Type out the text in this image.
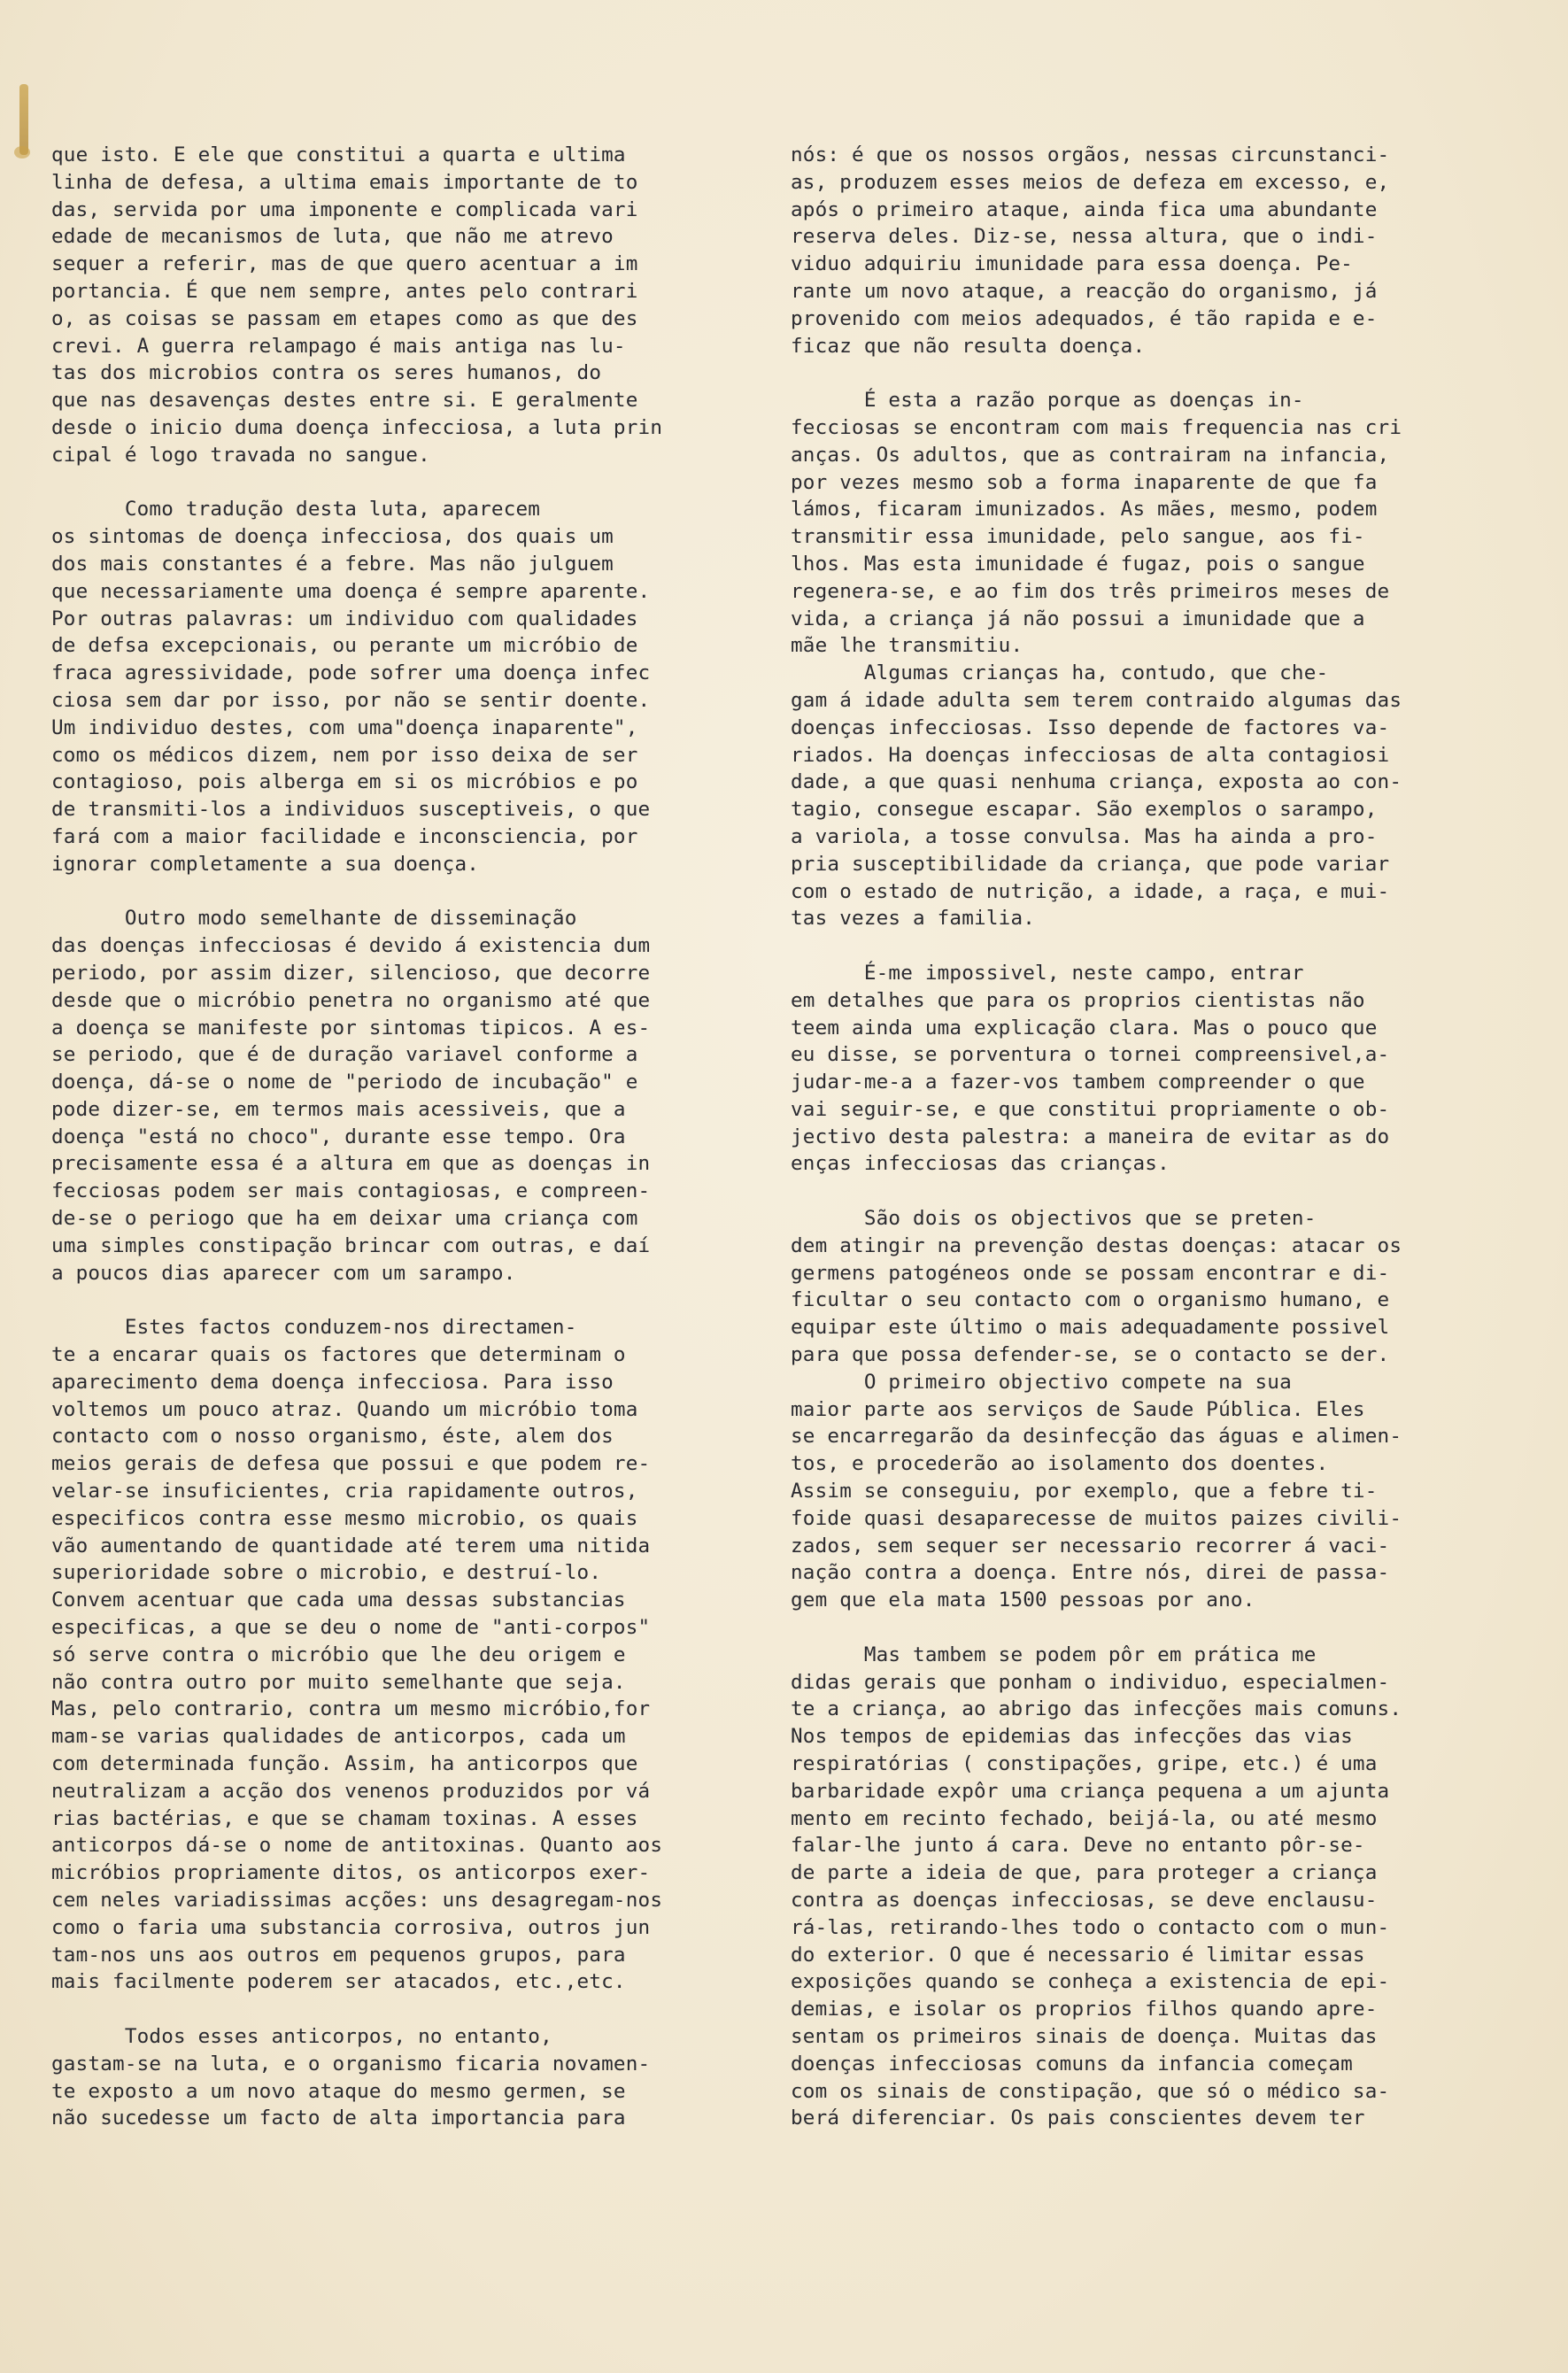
que isto. E ele que constitui a quarta e ultima
linha de defesa, a ultima emais importante de to
das, servida por uma imponente e complicada vari
edade de mecanismos de luta, que não me atrevo
sequer a referir, mas de que quero acentuar a im
portancia. É que nem sempre, antes pelo contrari
o, as coisas se passam em etapes como as que des
crevi. A guerra relampago é mais antiga nas lu-
tas dos microbios contra os seres humanos, do
que nas desavenças destes entre si. E geralmente
desde o inicio duma doença infecciosa, a luta prin
cipal é logo travada no sangue.
Como tradução desta luta, aparecem
os sintomas de doença infecciosa, dos quais um
dos mais constantes é a febre. Mas não julguem
que necessariamente uma doença é sempre aparente.
Por outras palavras: um individuo com qualidades
de defsa excepcionais, ou perante um micróbio de
fraca agressividade, pode sofrer uma doença infec
ciosa sem dar por isso, por não se sentir doente.
Um individuo destes, com uma"doença inaparente",
como os médicos dizem, nem por isso deixa de ser
contagioso, pois alberga em si os micróbios e po
de transmiti-los a individuos susceptiveis, o que
fará com a maior facilidade e inconsciencia, por
ignorar completamente a sua doença.
Outro modo semelhante de disseminação
das doenças infecciosas é devido á existencia dum
periodo, por assim dizer, silencioso, que decorre
desde que o micróbio penetra no organismo até que
a doença se manifeste por sintomas tipicos. A es-
se periodo, que é de duração variavel conforme a
doença, dá-se o nome de "periodo de incubação" e
pode dizer-se, em termos mais acessiveis, que a
doença "está no choco", durante esse tempo. Ora
precisamente essa é a altura em que as doenças in
fecciosas podem ser mais contagiosas, e compreen-
de-se o periogo que ha em deixar uma criança com
uma simples constipação brincar com outras, e daí
a poucos dias aparecer com um sarampo.
Estes factos conduzem-nos directamen-
te a encarar quais os factores que determinam o
aparecimento dema doença infecciosa. Para isso
voltemos um pouco atraz. Quando um micróbio toma
contacto com o nosso organismo, éste, alem dos
meios gerais de defesa que possui e que podem re-
velar-se insuficientes, cria rapidamente outros,
especificos contra esse mesmo microbio, os quais
vão aumentando de quantidade até terem uma nitida
superioridade sobre o microbio, e destruí-lo.
Convem acentuar que cada uma dessas substancias
especificas, a que se deu o nome de "anti-corpos"
só serve contra o micróbio que lhe deu origem e
não contra outro por muito semelhante que seja.
Mas, pelo contrario, contra um mesmo micróbio,for
mam-se varias qualidades de anticorpos, cada um
com determinada função. Assim, ha anticorpos que
neutralizam a acção dos venenos produzidos por vá
rias bactérias, e que se chamam toxinas. A esses
anticorpos dá-se o nome de antitoxinas. Quanto aos
micróbios propriamente ditos, os anticorpos exer-
cem neles variadissimas acções: uns desagregam-nos
como o faria uma substancia corrosiva, outros jun
tam-nos uns aos outros em pequenos grupos, para
mais facilmente poderem ser atacados, etc.,etc.
Todos esses anticorpos, no entanto,
gastam-se na luta, e o organismo ficaria novamen-
te exposto a um novo ataque do mesmo germen, se
não sucedesse um facto de alta importancia para
nós: é que os nossos orgãos, nessas circunstanci-
as, produzem esses meios de defeza em excesso, e,
após o primeiro ataque, ainda fica uma abundante
reserva deles. Diz-se, nessa altura, que o indi-
viduo adquiriu imunidade para essa doença. Pe-
rante um novo ataque, a reacção do organismo, já
provenido com meios adequados, é tão rapida e e-
ficaz que não resulta doença.
É esta a razão porque as doenças in-
fecciosas se encontram com mais frequencia nas cri
anças. Os adultos, que as contrairam na infancia,
por vezes mesmo sob a forma inaparente de que fa
lámos, ficaram imunizados. As mães, mesmo, podem
transmitir essa imunidade, pelo sangue, aos fi-
lhos. Mas esta imunidade é fugaz, pois o sangue
regenera-se, e ao fim dos três primeiros meses de
vida, a criança já não possui a imunidade que a
mãe lhe transmitiu.
Algumas crianças ha, contudo, que che-
gam á idade adulta sem terem contraido algumas das
doenças infecciosas. Isso depende de factores va-
riados. Ha doenças infecciosas de alta contagiosi
dade, a que quasi nenhuma criança, exposta ao con-
tagio, consegue escapar. São exemplos o sarampo,
a variola, a tosse convulsa. Mas ha ainda a pro-
pria susceptibilidade da criança, que pode variar
com o estado de nutrição, a idade, a raça, e mui-
tas vezes a familia.
É-me impossivel, neste campo, entrar
em detalhes que para os proprios cientistas não
teem ainda uma explicação clara. Mas o pouco que
eu disse, se porventura o tornei compreensivel,a-
judar-me-a a fazer-vos tambem compreender o que
vai seguir-se, e que constitui propriamente o ob-
jectivo desta palestra: a maneira de evitar as do
enças infecciosas das crianças.
São dois os objectivos que se preten-
dem atingir na prevenção destas doenças: atacar os
germens patogéneos onde se possam encontrar e di-
ficultar o seu contacto com o organismo humano, e
equipar este último o mais adequadamente possivel
para que possa defender-se, se o contacto se der.
O primeiro objectivo compete na sua
maior parte aos serviços de Saude Pública. Eles
se encarregarão da desinfecção das águas e alimen-
tos, e procederão ao isolamento dos doentes.
Assim se conseguiu, por exemplo, que a febre ti-
foide quasi desaparecesse de muitos paizes civili-
zados, sem sequer ser necessario recorrer á vaci-
nação contra a doença. Entre nós, direi de passa-
gem que ela mata 1500 pessoas por ano.
Mas tambem se podem pôr em prática me
didas gerais que ponham o individuo, especialmen-
te a criança, ao abrigo das infecções mais comuns.
Nos tempos de epidemias das infecções das vias
respiratórias ( constipações, gripe, etc.) é uma
barbaridade expôr uma criança pequena a um ajunta
mento em recinto fechado, beijá-la, ou até mesmo
falar-lhe junto á cara. Deve no entanto pôr-se-
de parte a ideia de que, para proteger a criança
contra as doenças infecciosas, se deve enclausu-
rá-las, retirando-lhes todo o contacto com o mun-
do exterior. O que é necessario é limitar essas
exposições quando se conheça a existencia de epi-
demias, e isolar os proprios filhos quando apre-
sentam os primeiros sinais de doença. Muitas das
doenças infecciosas comuns da infancia começam
com os sinais de constipação, que só o médico sa-
berá diferenciar. Os pais conscientes devem ter
